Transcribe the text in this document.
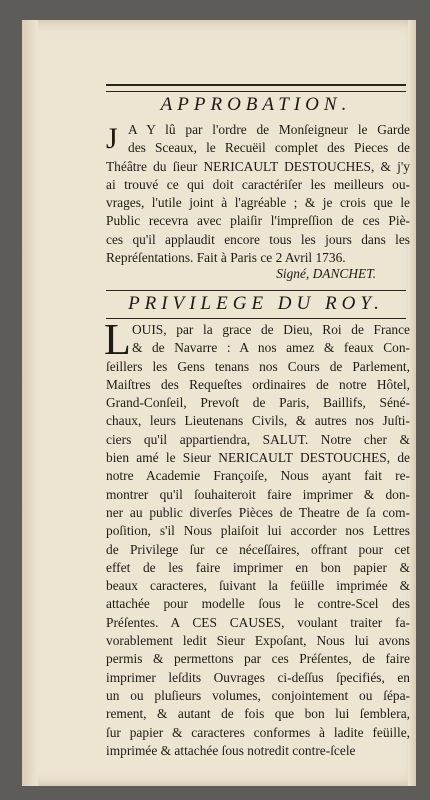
APPROBATION.
J A Y lû par l'ordre de Monſeigneur le Garde
des Sceaux, le Recuëil complet des Pieces de
Théâtre du ſieur NERICAULT DESTOUCHES, & j'y
ai trouvé ce qui doit caractériſer les meilleurs ou-
vrages, l'utile joint à l'agréable ; & je crois que le
Public recevra avec plaiſir l'impreſſion de ces Piè-
ces qu'il applaudit encore tous les jours dans les
Repréſentations. Fait à Paris ce 2 Avril 1736.
Signé, DANCHET.
PRIVILEGE DU ROY.
L OUIS, par la grace de Dieu, Roi de France
& de Navarre : A nos amez & feaux Con-
ſeillers les Gens tenans nos Cours de Parlement,
Maiſtres des Requeſtes ordinaires de notre Hôtel,
Grand-Conſeil, Prevoſt de Paris, Baillifs, Séné-
chaux, leurs Lieutenans Civils, & autres nos Juſti-
ciers qu'il appartiendra, SALUT. Notre cher &
bien amé le Sieur NERICAULT DESTOUCHES, de
notre Academie Françoiſe, Nous ayant fait re-
montrer qu'il ſouhaiteroit faire imprimer & don-
ner au public diverſes Pièces de Theatre de ſa com-
poſition, s'il Nous plaiſoit lui accorder nos Lettres
de Privilege ſur ce néceſſaires, offrant pour cet
effet de les faire imprimer en bon papier &
beaux caracteres, ſuivant la feüille imprimée &
attachée pour modelle ſous le contre-Scel des
Préſentes. A CES CAUSES, voulant traiter fa-
vorablement ledit Sieur Expoſant, Nous lui avons
permis & permettons par ces Préſentes, de faire
imprimer leſdits Ouvrages ci-deſſus ſpecifiés, en
un ou pluſieurs volumes, conjointement ou ſépa-
rement, & autant de fois que bon lui ſemblera,
ſur papier & caracteres conformes à ladite feüille,
imprimée & attachée ſous notredit contre-ſcele
